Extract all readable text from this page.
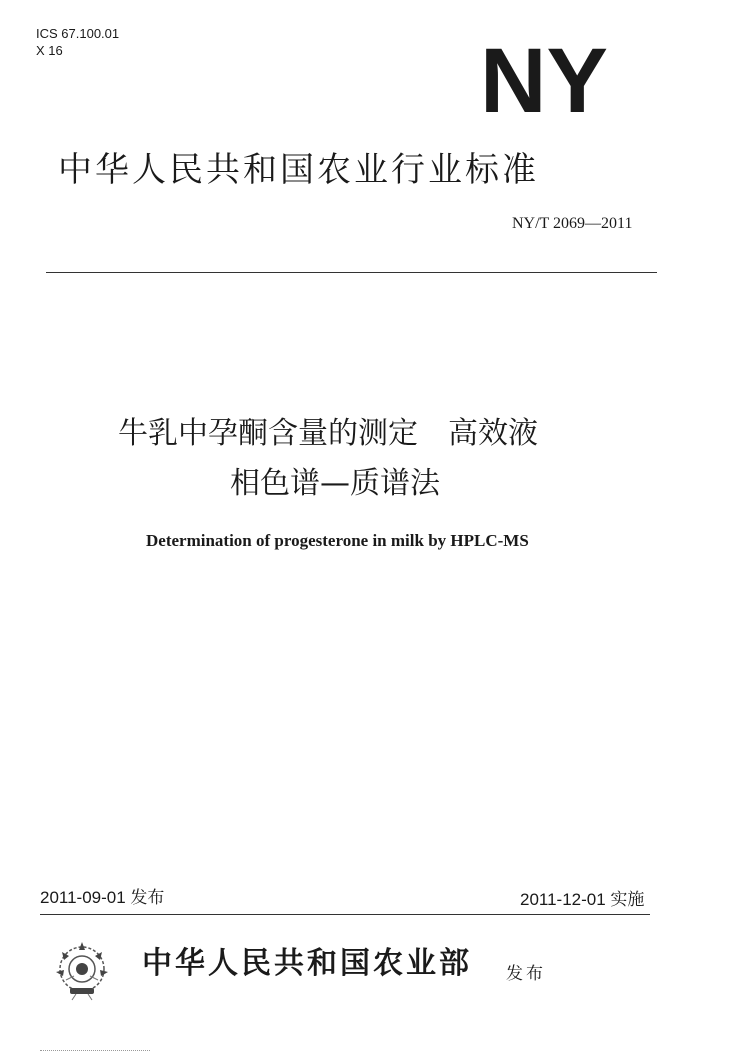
ICS 67.100.01
X 16	NY
中华人民共和国农业行业标准
NY/T 2069—2011
牛乳中孕酮含量的测定　高效液
相色谱—质谱法
Determination of progesterone in milk by HPLC-MS
2011-09-01 发布	2011-12-01 实施
中华人民共和国农业部 发布
